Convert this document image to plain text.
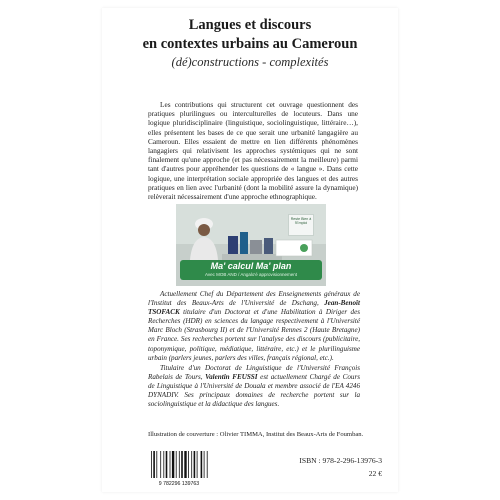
Langues et discours
en contextes urbains au Cameroun
(dé)constructions - complexités
Les contributions qui structurent cet ouvrage questionnent des pratiques plurilingues ou interculturelles de locuteurs. Dans une logique pluridisciplinaire (linguistique, sociolinguistique, littéraire…), elles présentent les bases de ce que serait une urbanité langagière au Cameroun. Elles essaient de mettre en lien différents phénomènes langagiers qui relativisent les approches systémiques qui ne sont finalement qu'une approche (et pas nécessairement la meilleure) parmi tant d'autres pour appréhender les questions de « langue ». Dans cette logique, une interprétation sociale appropriée des langues et des autres pratiques en lien avec l'urbanité (dont la mobilité assure la dynamique) relèverait nécessairement d'une approche ethnographique.
Reste Bien à l'Emploi
Ma' calcul Ma' plan
Avec MOB AND / Angalo'é approvisionnement
Actuellement Chef du Département des Enseignements généraux de l'Institut des Beaux-Arts de l'Université de Dschang, Jean-Benoît TSOFACK titulaire d'un Doctorat et d'une Habilitation à Diriger des Recherches (HDR) en sciences du langage respectivement à l'Université Marc Bloch (Strasbourg II) et de l'Université Rennes 2 (Haute Bretagne) en France. Ses recherches portent sur l'analyse des discours (publicitaire, toponymique, politique, médiatique, littéraire, etc.) et le plurilinguisme urbain (parlers jeunes, parlers des villes, français régional, etc.).
Titulaire d'un Doctorat de Linguistique de l'Université François Rabelais de Tours, Valentin FEUSSI est actuellement Chargé de Cours de Linguistique à l'Université de Douala et membre associé de l'EA 4246 DYNADIV. Ses principaux domaines de recherche portent sur la sociolinguistique et la didactique des langues.
Illustration de couverture : Olivier TIMMA, Institut des Beaux-Arts de Foumban.
9 782296 139763
ISBN : 978-2-296-13976-3
22 €
